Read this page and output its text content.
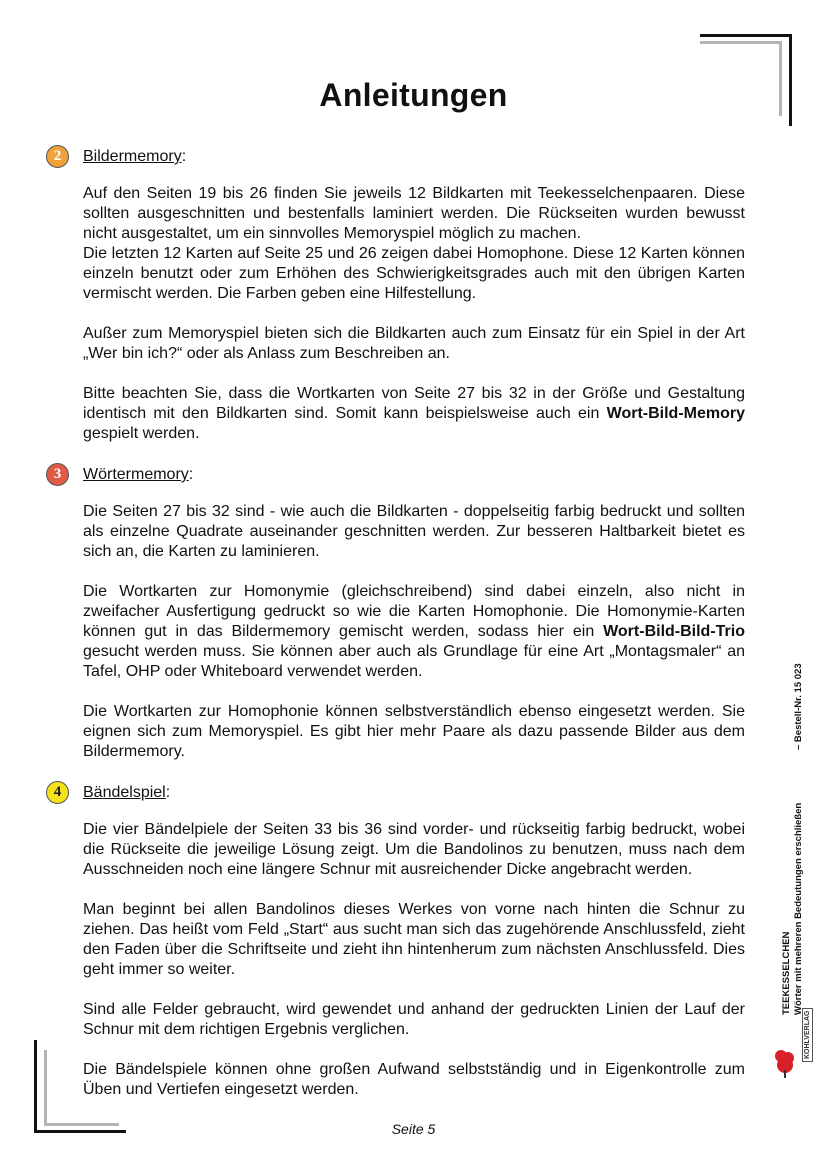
Anleitungen
2	Bildermemory:

Auf den Seiten 19 bis 26 finden Sie jeweils 12 Bildkarten mit Teekesselchenpaaren. Diese sollten ausgeschnitten und bestenfalls laminiert werden. Die Rückseiten wurden bewusst nicht ausgestaltet, um ein sinnvolles Memoryspiel möglich zu machen.
Die letzten 12 Karten auf Seite 25 und 26 zeigen dabei Homophone. Diese 12 Karten können einzeln benutzt oder zum Erhöhen des Schwierigkeitsgrades auch mit den übrigen Karten vermischt werden. Die Farben geben eine Hilfestellung.

Außer zum Memoryspiel bieten sich die Bildkarten auch zum Einsatz für ein Spiel in der Art „Wer bin ich?“ oder als Anlass zum Beschreiben an.

Bitte beachten Sie, dass die Wortkarten von Seite 27 bis 32 in der Größe und Gestaltung identisch mit den Bildkarten sind. Somit kann beispielsweise auch ein Wort-Bild-Memory gespielt werden.

3	Wörtermemory:

Die Seiten 27 bis 32 sind - wie auch die Bildkarten - doppelseitig farbig bedruckt und sollten als einzelne Quadrate auseinander geschnitten werden. Zur besseren Haltbarkeit bietet es sich an, die Karten zu laminieren.

Die Wortkarten zur Homonymie (gleichschreibend) sind dabei einzeln, also nicht in zweifacher Ausfertigung gedruckt so wie die Karten Homophonie. Die Homonymie-Karten können gut in das Bildermemory gemischt werden, sodass hier ein Wort-Bild-Bild-Trio gesucht werden muss. Sie können aber auch als Grundlage für eine Art „Montagsmaler“ an Tafel, OHP oder Whiteboard verwendet werden.

Die Wortkarten zur Homophonie können selbstverständlich ebenso eingesetzt werden. Sie eignen sich zum Memoryspiel. Es gibt hier mehr Paare als dazu passende Bilder aus dem Bildermemory.

4	Bändelspiel:

Die vier Bändelpiele der Seiten 33 bis 36 sind vorder- und rückseitig farbig bedruckt, wobei die Rückseite die jeweilige Lösung zeigt. Um die Bandolinos zu benutzen, muss nach dem Ausschneiden noch eine längere Schnur mit ausreichender Dicke angebracht werden.

Man beginnt bei allen Bandolinos dieses Werkes von vorne nach hinten die Schnur zu ziehen. Das heißt vom Feld „Start“ aus sucht man sich das zugehörende Anschlussfeld, zieht den Faden über die Schriftseite und zieht ihn hintenherum zum nächsten Anschlussfeld. Dies geht immer so weiter.

Sind alle Felder gebraucht, wird gewendet und anhand der gedruckten Linien der Lauf der Schnur mit dem richtigen Ergebnis verglichen.

Die Bändelspiele können ohne großen Aufwand selbstständig und in Eigenkontrolle zum Üben und Vertiefen eingesetzt werden.

Seite 5
TEEKESSELCHEN Wörter mit mehreren Bedeutungen erschließen
– Bestell-Nr. 15 023
KOHLVERLAG
